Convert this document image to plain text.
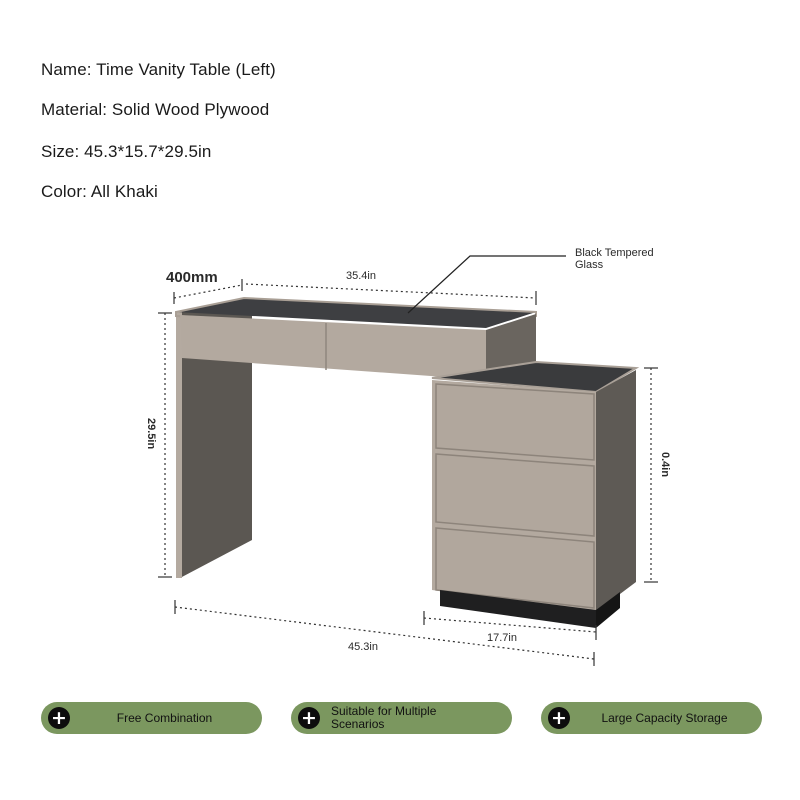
Name: Time Vanity Table (Left)
Material: Solid Wood Plywood
Size: 45.3*15.7*29.5in
Color: All Khaki
400mm	35.4in
29.5in
0.4in
17.7in
45.3in
Black Tempered
Glass
+	Free Combination	+ Suitable for Multiple
Scenarios	+	Large Capacity Storage
